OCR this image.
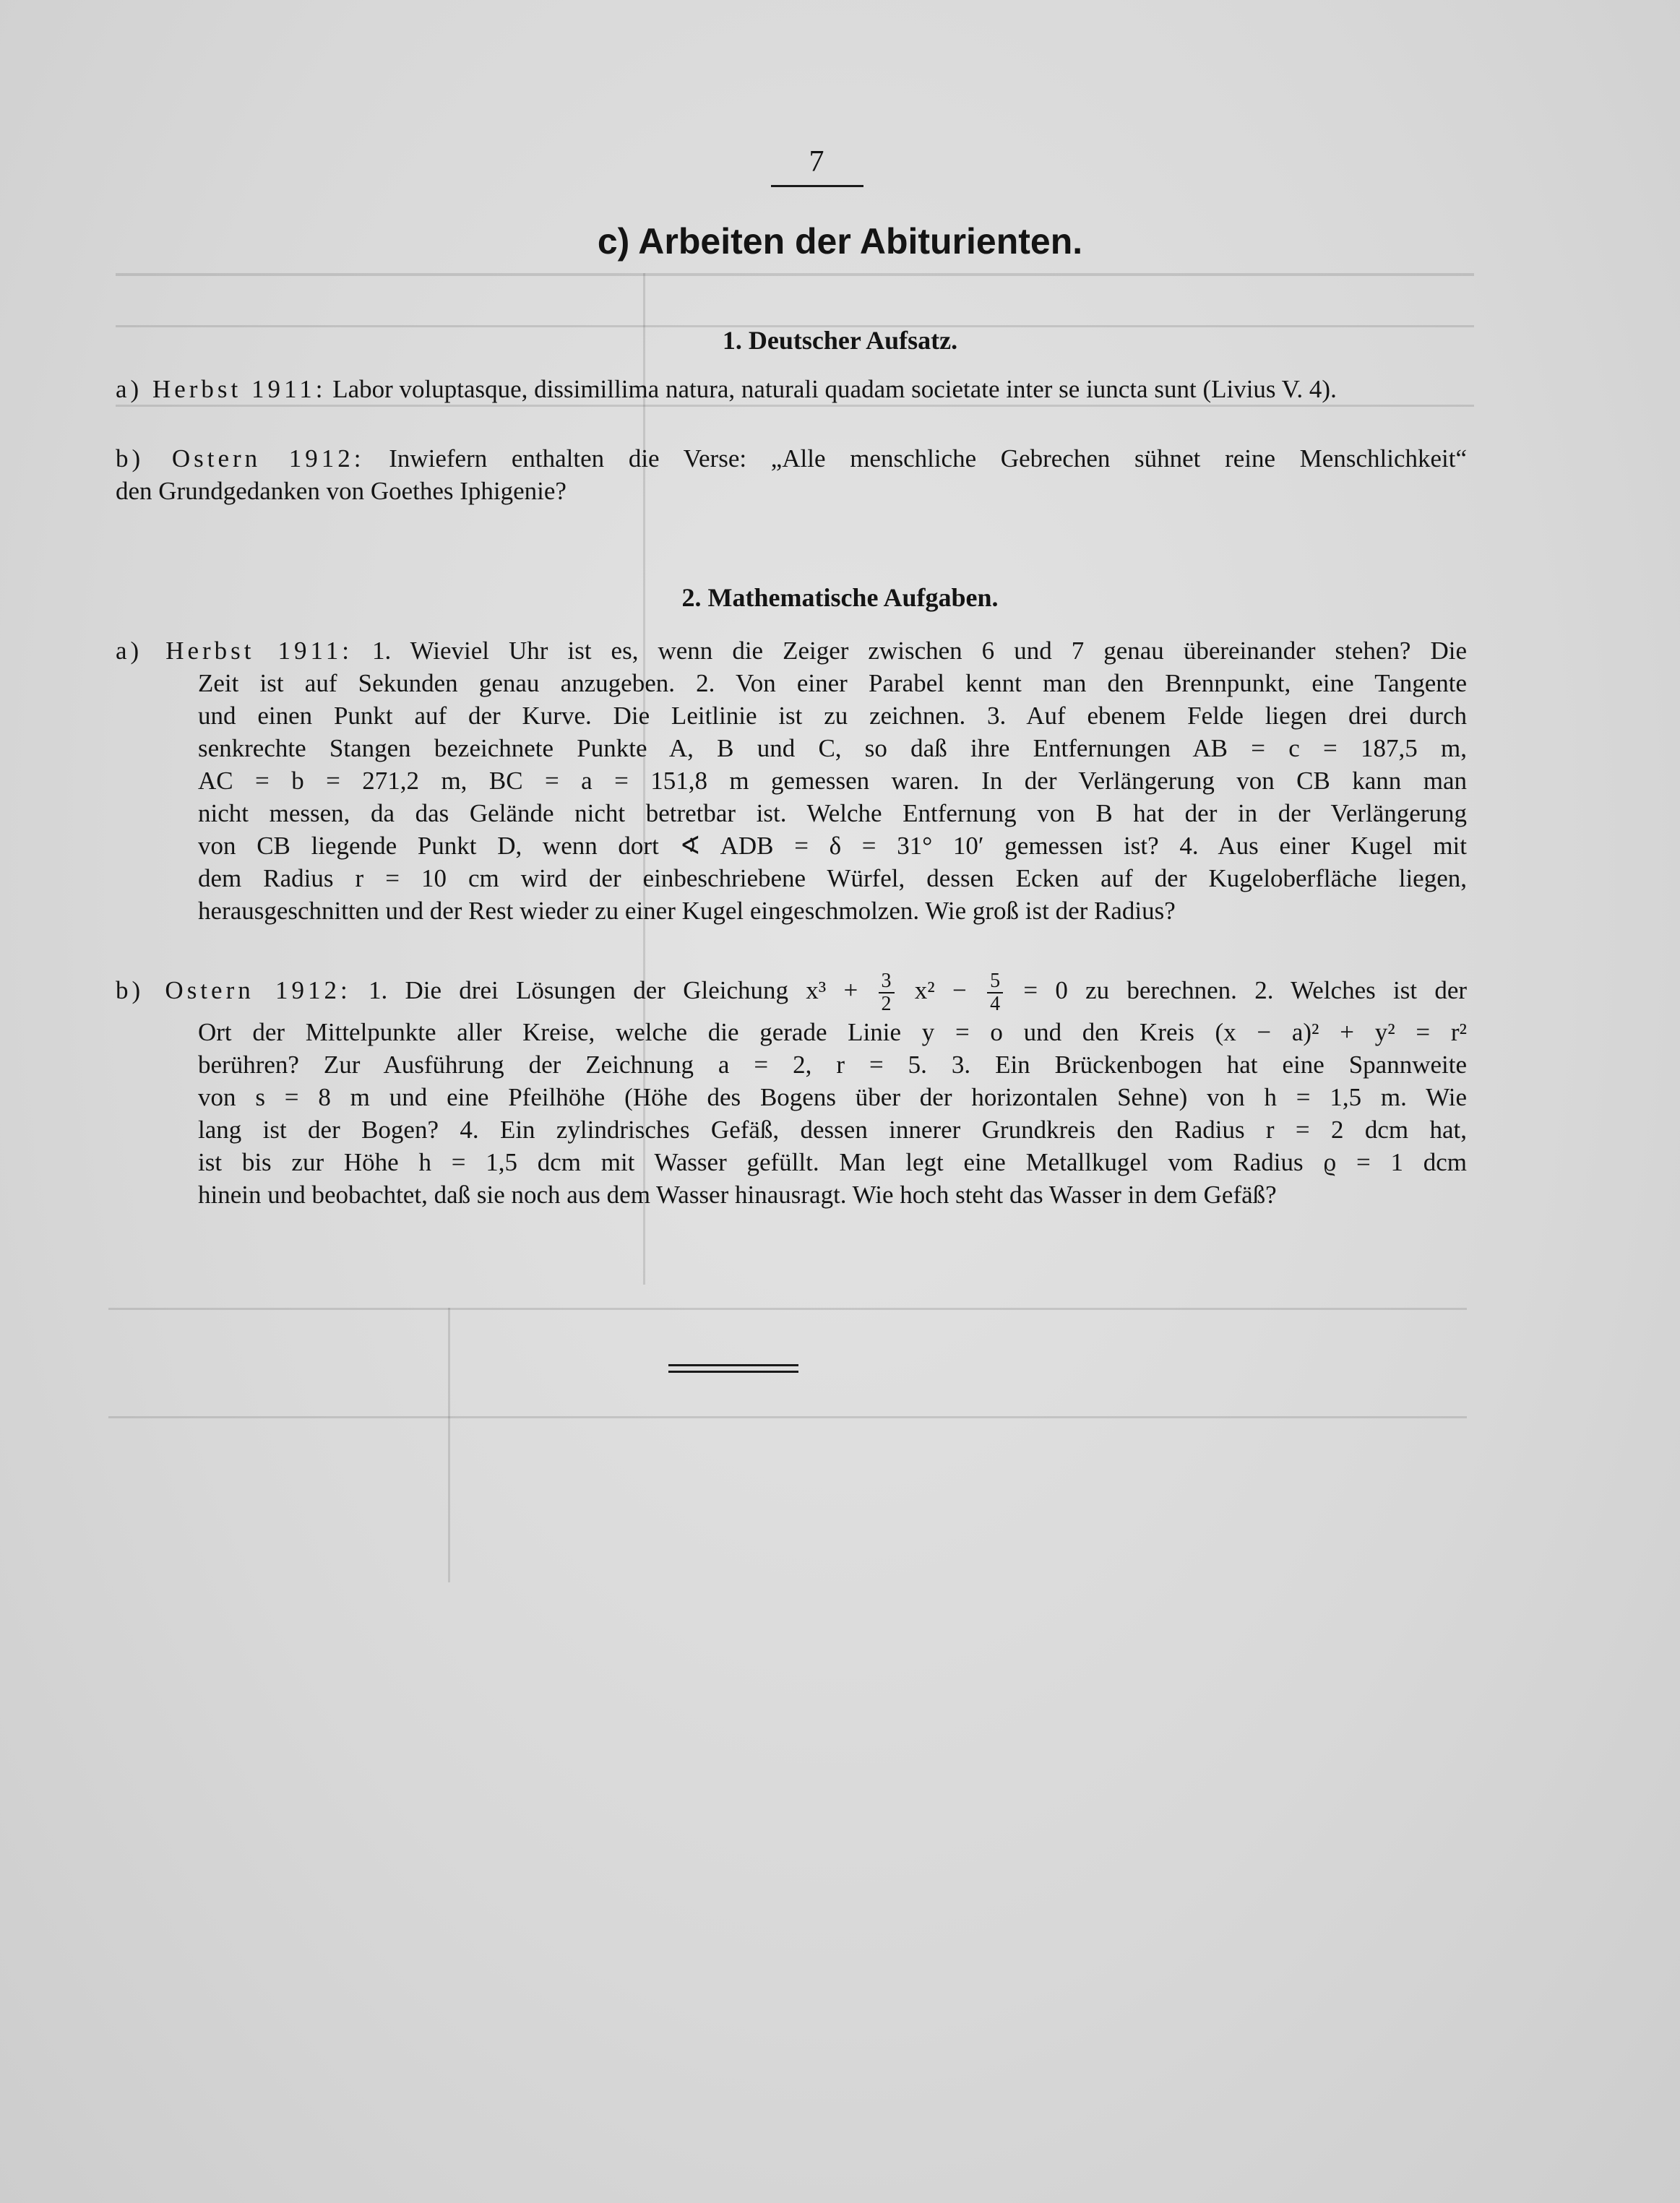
7
c) Arbeiten der Abiturienten.
1. Deutscher Aufsatz.
a) Herbst 1911: Labor voluptasque, dissimillima natura, naturali quadam societate inter se iuncta sunt (Livius V. 4).
b) Ostern 1912: Inwiefern enthalten die Verse: „Alle menschliche Gebrechen sühnet reine Menschlichkeit“
den Grundgedanken von Goethes Iphigenie?
2. Mathematische Aufgaben.
a) Herbst 1911: 1. Wieviel Uhr ist es, wenn die Zeiger zwischen 6 und 7 genau übereinander stehen? Die
Zeit ist auf Sekunden genau anzugeben. 2. Von einer Parabel kennt man den Brennpunkt, eine Tangente
und einen Punkt auf der Kurve. Die Leitlinie ist zu zeichnen. 3. Auf ebenem Felde liegen drei durch
senkrechte Stangen bezeichnete Punkte A, B und C, so daß ihre Entfernungen AB = c = 187,5 m,
AC = b = 271,2 m, BC = a = 151,8 m gemessen waren. In der Verlängerung von CB kann man
nicht messen, da das Gelände nicht betretbar ist. Welche Entfernung von B hat der in der Verlängerung
von CB liegende Punkt D, wenn dort ∢ ADB = δ = 31° 10′ gemessen ist? 4. Aus einer Kugel mit
dem Radius r = 10 cm wird der einbeschriebene Würfel, dessen Ecken auf der Kugeloberfläche liegen,
herausgeschnitten und der Rest wieder zu einer Kugel eingeschmolzen. Wie groß ist der Radius?
b) Ostern 1912: 1. Die drei Lösungen der Gleichung $x^3 + \frac{3}{2} x^2 - \frac{5}{4} = 0$ zu berechnen. 2. Welches ist der
Ort der Mittelpunkte aller Kreise, welche die gerade Linie y = o und den Kreis (x − a)² + y² = r²
berühren? Zur Ausführung der Zeichnung a = 2, r = 5. 3. Ein Brückenbogen hat eine Spannweite
von s = 8 m und eine Pfeilhöhe (Höhe des Bogens über der horizontalen Sehne) von h = 1,5 m. Wie
lang ist der Bogen? 4. Ein zylindrisches Gefäß, dessen innerer Grundkreis den Radius r = 2 dcm hat,
ist bis zur Höhe h = 1,5 dcm mit Wasser gefüllt. Man legt eine Metallkugel vom Radius ϱ = 1 dcm
hinein und beobachtet, daß sie noch aus dem Wasser hinausragt. Wie hoch steht das Wasser in dem Gefäß?
